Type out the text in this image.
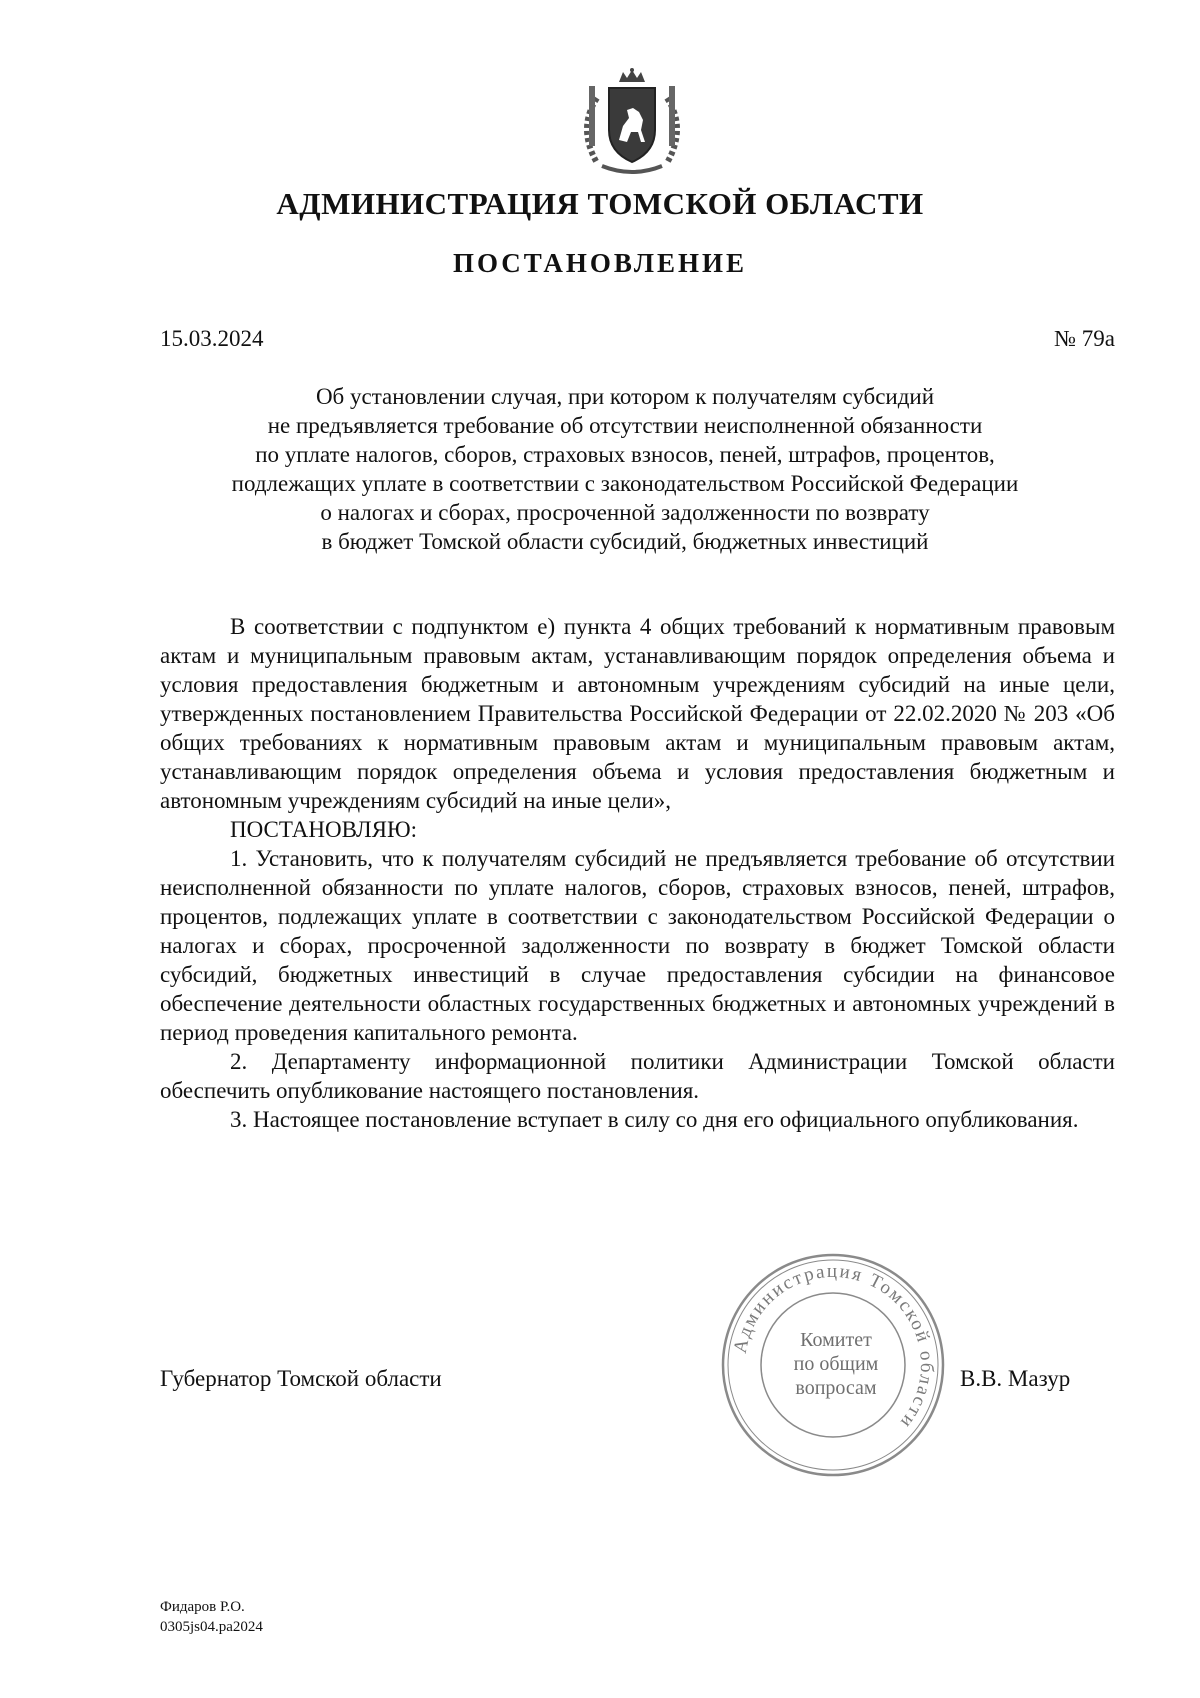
АДМИНИСТРАЦИЯ ТОМСКОЙ ОБЛАСТИ
ПОСТАНОВЛЕНИЕ
15.03.2024	№ 79а
Об установлении случая, при котором к получателям субсидий
не предъявляется требование об отсутствии неисполненной обязанности
по уплате налогов, сборов, страховых взносов, пеней, штрафов, процентов,
подлежащих уплате в соответствии с законодательством Российской Федерации
о налогах и сборах, просроченной задолженности по возврату
в бюджет Томской области субсидий, бюджетных инвестиций

В соответствии с подпунктом е) пункта 4 общих требований к нормативным правовым актам и муниципальным правовым актам, устанавливающим порядок определения объема и условия предоставления бюджетным и автономным учреждениям субсидий на иные цели, утвержденных постановлением Правительства Российской Федерации от 22.02.2020 № 203 «Об общих требованиях к нормативным правовым актам и муниципальным правовым актам, устанавливающим порядок определения объема и условия предоставления бюджетным и автономным учреждениям субсидий на иные цели»,

ПОСТАНОВЛЯЮ:

1. Установить, что к получателям субсидий не предъявляется требование об отсутствии неисполненной обязанности по уплате налогов, сборов, страховых взносов, пеней, штрафов, процентов, подлежащих уплате в соответствии с законодательством Российской Федерации о налогах и сборах, просроченной задолженности по возврату в бюджет Томской области субсидий, бюджетных инвестиций в случае предоставления субсидии на финансовое обеспечение деятельности областных государственных бюджетных и автономных учреждений в период проведения капитального ремонта.

2. Департаменту информационной политики Администрации Томской области обеспечить опубликование настоящего постановления.

3. Настоящее постановление вступает в силу со дня его официального опубликования.

Губернатор Томской области
Администрация Томской области
Комитет
по общим
вопросам	В.В. Мазур
Фидаров Р.О.
0305js04.ра2024
